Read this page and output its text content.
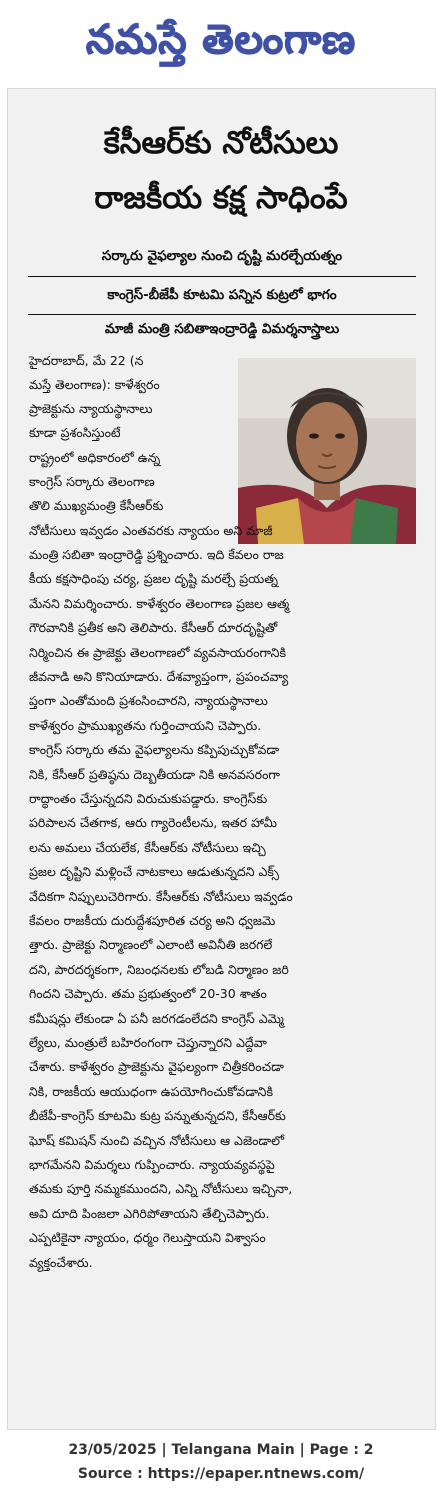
నమస్తే తెలంగాణ
కేసీఆర్‌కు నోటీసులు
రాజకీయ కక్ష సాధింపే
సర్కారు వైఫల్యాల నుంచి దృష్టి మరల్చేయత్నం
కాంగ్రెస్‌-బీజేపీ కూటమి పన్నిన కుట్రలో భాగం
మాజీ మంత్రి సబితాఇంద్రారెడ్డి విమర్శనాస్త్రాలు
హైదరాబాద్‌, మే 22 (న
మస్తే తెలంగాణ): కాళేశ్వరం
ప్రాజెక్టును న్యాయస్థానాలు
కూడా ప్రశంసిస్తుంటే
రాష్ట్రంలో అధికారంలో ఉన్న
కాంగ్రెస్‌ సర్కారు తెలంగాణ
తొలి ముఖ్యమంత్రి కేసీఆర్‌కు
నోటీసులు ఇవ్వడం ఎంతవరకు న్యాయం అని మాజీ
మంత్రి సబితా ఇంద్రారెడ్డి ప్రశ్నించారు. ఇది కేవలం రాజ
కీయ కక్షసాధింపు చర్య, ప్రజల దృష్టి మరల్చే ప్రయత్న
మేనని విమర్శించారు. కాళేశ్వరం తెలంగాణ ప్రజల ఆత్మ
గౌరవానికి ప్రతీక అని తెలిపారు. కేసీఆర్‌ దూరదృష్టితో
నిర్మించిన ఈ ప్రాజెక్టు తెలంగాణలో వ్యవసాయరంగానికి
జీవనాడి అని కొనియాడారు. దేశవ్యాప్తంగా, ప్రపంచవ్యా
ప్తంగా ఎంతోమంది ప్రశంసించారని, న్యాయస్థానాలు
కాళేశ్వరం ప్రాముఖ్యతను గుర్తించాయని చెప్పారు.
కాంగ్రెస్‌ సర్కారు తమ వైఫల్యాలను కప్పిపుచ్చుకోవడా
నికి, కేసీఆర్‌ ప్రతిష్ఠను దెబ్బతీయడా నికి అనవసరంగా
రాద్ధాంతం చేస్తున్నదని విరుచుకుపడ్డారు. కాంగ్రెస్‌కు
పరిపాలన చేతగాక, ఆరు గ్యారెంటీలను, ఇతర హామీ
లను అమలు చేయలేక, కేసీఆర్‌కు నోటీసులు ఇచ్చి
ప్రజల దృష్టిని మళ్లించే నాటకాలు ఆడుతున్నదని ఎక్స్‌
వేదికగా నిప్పులుచెరిగారు. కేసీఆర్‌కు నోటీసులు ఇవ్వడం
కేవలం రాజకీయ దురుద్దేశపూరిత చర్య అని ధ్వజమె
త్తారు. ప్రాజెక్టు నిర్మాణంలో ఎలాంటి అవినీతి జరగలే
దని, పారదర్శకంగా, నిబంధనలకు లోబడి నిర్మాణం జరి
గిందని చెప్పారు. తమ ప్రభుత్వంలో 20-30 శాతం
కమీషన్లు లేకుండా ఏ పనీ జరగడంలేదని కాంగ్రెస్‌ ఎమ్మె
ల్యేలు, మంత్రులే బహిరంగంగా చెప్తున్నారని ఎద్దేవా
చేశారు. కాళేశ్వరం ప్రాజెక్టును వైఫల్యంగా చిత్రీకరించడా
నికి, రాజకీయ ఆయుధంగా ఉపయోగించుకోవడానికి
బీజేపీ-కాంగ్రెస్‌ కూటమి కుట్ర పన్నుతున్నదని, కేసీఆర్‌కు
ఘోష్‌ కమిషన్‌ నుంచి వచ్చిన నోటీసులు ఆ ఎజెండాలో
భాగమేనని విమర్శలు గుప్పించారు. న్యాయవ్యవస్థపై
తమకు పూర్తి నమ్మకముందని, ఎన్ని నోటీసులు ఇచ్చినా,
అవి దూది పింజలా ఎగిరిపోతాయని తేల్చిచెప్పారు.
ఎప్పటికైనా న్యాయం, ధర్మం గెలుస్తాయని విశ్వాసం
వ్యక్తంచేశారు.
23/05/2025 | Telangana Main | Page : 2
Source : https://epaper.ntnews.com/
